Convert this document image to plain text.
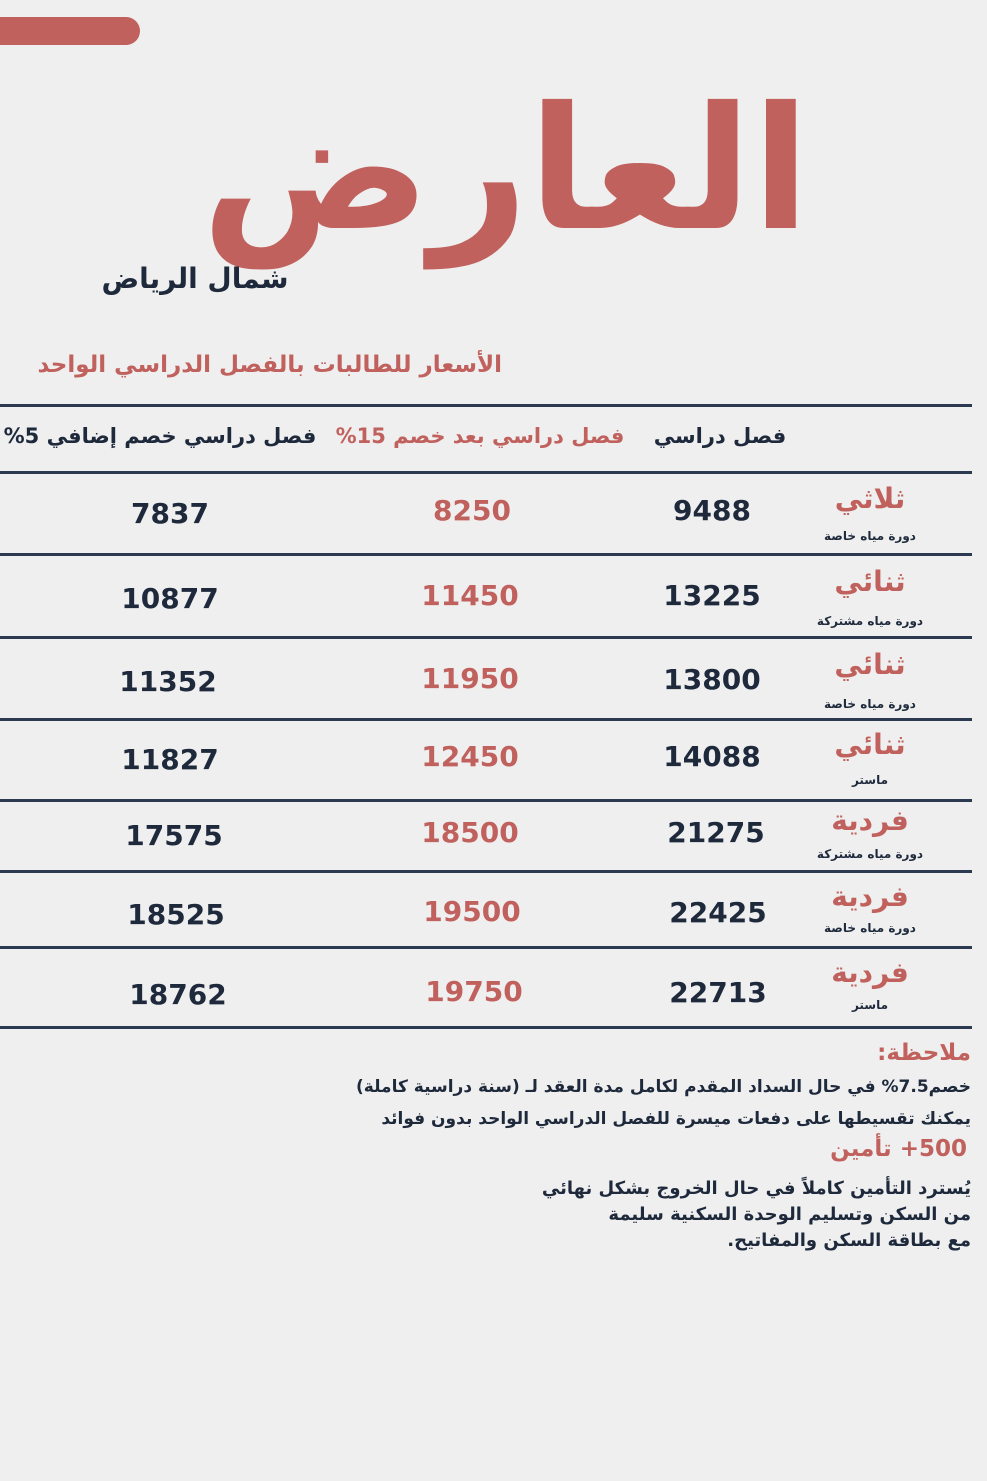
العارض
شمال الرياض
الأسعار للطالبات بالفصل الدراسي الواحد
فصل دراسي
فصل دراسي بعد خصم 15%
فصل دراسي خصم إضافي 5%
ثلاثي
دورة مياه خاصة
9488
8250
7837
ثنائي
دورة مياه مشتركة
13225
11450
10877
ثنائي
دورة مياه خاصة
13800
11950
11352
ثنائي
ماستر
14088
12450
11827
فردية
دورة مياه مشتركة
21275
18500
17575
فردية
دورة مياه خاصة
22425
19500
18525
فردية
ماستر
22713
19750
18762
ملاحظة:
خصم7.5% في حال السداد المقدم لكامل مدة العقد لـ (سنة دراسية كاملة)
يمكنك تقسيطها على دفعات ميسرة للفصل الدراسي الواحد بدون فوائد
500+ تأمين
يُسترد التأمين كاملاً في حال الخروج بشكل نهائي
من السكن وتسليم الوحدة السكنية سليمة
مع بطاقة السكن والمفاتيح.
